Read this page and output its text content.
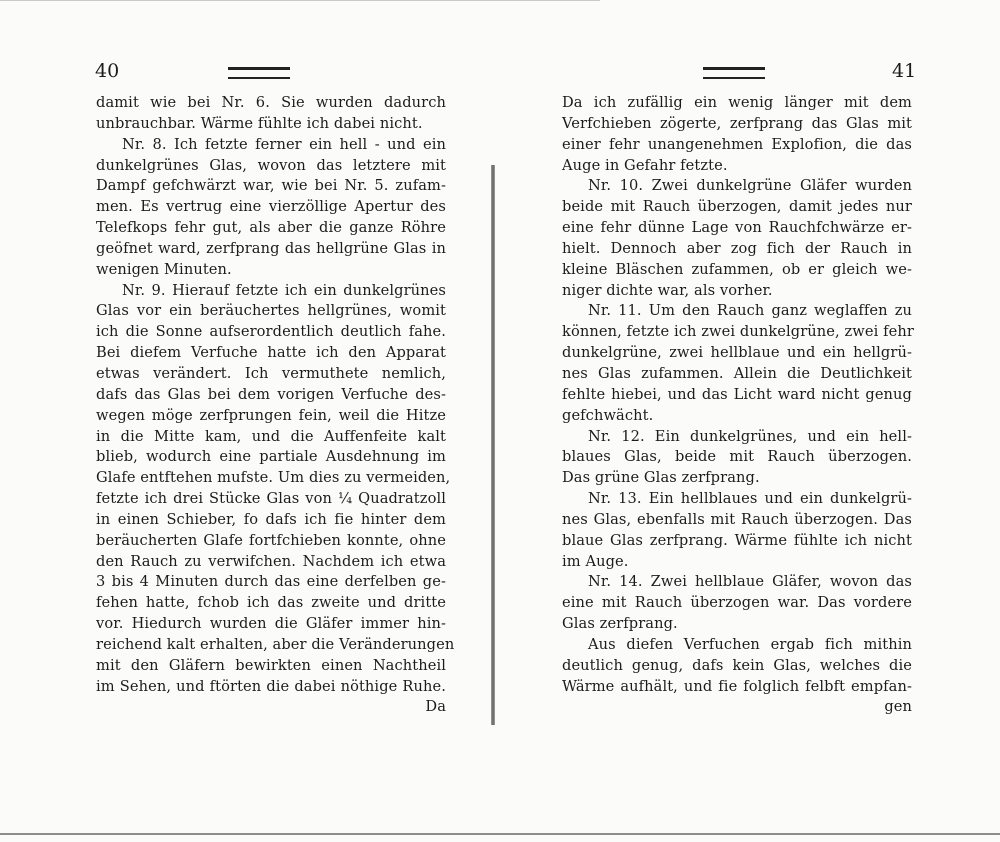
40
damit wie bei Nr. 6. Sie wurden dadurch
unbrauchbar. Wärme fühlte ich dabei nicht.
Nr. 8. Ich fetzte ferner ein hell - und ein
dunkelgrünes Glas, wovon das letztere mit
Dampf gefchwärzt war, wie bei Nr. 5. zufam-
men. Es vertrug eine vierzöllige Apertur des
Telefkops fehr gut, als aber die ganze Röhre
geöfnet ward, zerfprang das hellgrüne Glas in
wenigen Minuten.
Nr. 9. Hierauf fetzte ich ein dunkelgrünes
Glas vor ein beräuchertes hellgrünes, womit
ich die Sonne aufserordentlich deutlich fahe.
Bei diefem Verfuche hatte ich den Apparat
etwas verändert. Ich vermuthete nemlich,
dafs das Glas bei dem vorigen Verfuche des-
wegen möge zerfprungen fein, weil die Hitze
in die Mitte kam, und die Auffenfeite kalt
blieb, wodurch eine partiale Ausdehnung im
Glafe entftehen mufste. Um dies zu vermeiden,
fetzte ich drei Stücke Glas von ¼ Quadratzoll
in einen Schieber, fo dafs ich fie hinter dem
beräucherten Glafe fortfchieben konnte, ohne
den Rauch zu verwifchen. Nachdem ich etwa
3 bis 4 Minuten durch das eine derfelben ge-
fehen hatte, fchob ich das zweite und dritte
vor. Hiedurch wurden die Gläfer immer hin-
reichend kalt erhalten, aber die Veränderungen
mit den Gläfern bewirkten einen Nachtheil
im Sehen, und ftörten die dabei nöthige Ruhe.
Da
41
Da ich zufällig ein wenig länger mit dem
Verfchieben zögerte, zerfprang das Glas mit
einer fehr unangenehmen Explofion, die das
Auge in Gefahr fetzte.
Nr. 10. Zwei dunkelgrüne Gläfer wurden
beide mit Rauch überzogen, damit jedes nur
eine fehr dünne Lage von Rauchfchwärze er-
hielt. Dennoch aber zog fich der Rauch in
kleine Bläschen zufammen, ob er gleich we-
niger dichte war, als vorher.
Nr. 11. Um den Rauch ganz weglaffen zu
können, fetzte ich zwei dunkelgrüne, zwei fehr
dunkelgrüne, zwei hellblaue und ein hellgrü-
nes Glas zufammen. Allein die Deutlichkeit
fehlte hiebei, und das Licht ward nicht genug
gefchwächt.
Nr. 12. Ein dunkelgrünes, und ein hell-
blaues Glas, beide mit Rauch überzogen.
Das grüne Glas zerfprang.
Nr. 13. Ein hellblaues und ein dunkelgrü-
nes Glas, ebenfalls mit Rauch überzogen. Das
blaue Glas zerfprang. Wärme fühlte ich nicht
im Auge.
Nr. 14. Zwei hellblaue Gläfer, wovon das
eine mit Rauch überzogen war. Das vordere
Glas zerfprang.
Aus diefen Verfuchen ergab fich mithin
deutlich genug, dafs kein Glas, welches die
Wärme aufhält, und fie folglich felbft empfan-
gen
